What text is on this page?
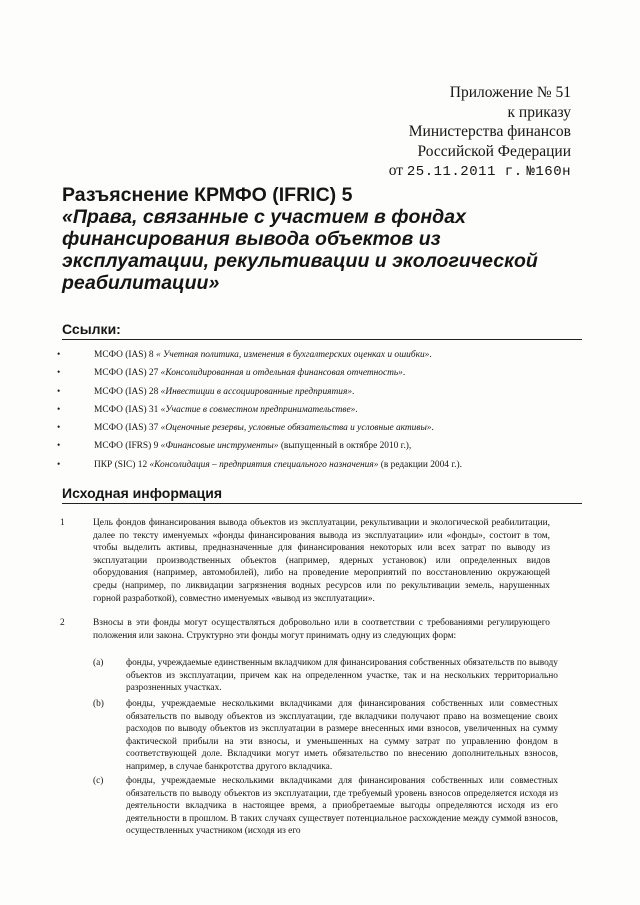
Приложение № 51
к приказу
Министерства финансов
Российской Федерации
от 25.11.2011 г. №160н
Разъяснение КРМФО (IFRIC) 5
«Права, связанные с участием в фондах финансирования вывода объектов из эксплуатации, рекультивации и экологической реабилитации»
Ссылки:
•	МСФО (IAS) 8 « Учетная политика, изменения в бухгалтерских оценках и ошибки».
•	МСФО (IAS) 27 «Консолидированная и отдельная финансовая отчетность».
•	МСФО (IAS) 28 «Инвестиции в ассоциированные предприятия».
•	МСФО (IAS) 31 «Участие в совместном предпринимательстве».
•	МСФО (IAS) 37 «Оценочные резервы, условные обязательства и условные активы».
•	МСФО (IFRS) 9 «Финансовые инструменты» (выпущенный в октябре 2010 г.),
•	ПКР (SIC) 12 «Консолидация – предприятия специального назначения» (в редакции 2004 г.).
Исходная информация
1	Цель фондов финансирования вывода объектов из эксплуатации, рекультивации и экологической реабилитации, далее по тексту именуемых «фонды финансирования вывода из эксплуатации» или «фонды», состоит в том, чтобы выделить активы, предназначенные для финансирования некоторых или всех затрат по выводу из эксплуатации производственных объектов (например, ядерных установок) или определенных видов оборудования (например, автомобилей), либо на проведение мероприятий по восстановлению окружающей среды (например, по ликвидации загрязнения водных ресурсов или по рекультивации земель, нарушенных горной разработкой), совместно именуемых «вывод из эксплуатации».
2	Взносы в эти фонды могут осуществляться добровольно или в соответствии с требованиями регулирующего положения или закона. Структурно эти фонды могут принимать одну из следующих форм:
(a) фонды, учреждаемые единственным вкладчиком для финансирования собственных обязательств по выводу объектов из эксплуатации, причем как на определенном участке, так и на нескольких территориально разрозненных участках.
(b) фонды, учреждаемые несколькими вкладчиками для финансирования собственных или совместных обязательств по выводу объектов из эксплуатации, где вкладчики получают право на возмещение своих расходов по выводу объектов из эксплуатации в размере внесенных ими взносов, увеличенных на сумму фактической прибыли на эти взносы, и уменьшенных на сумму затрат по управлению фондом в соответствующей доле. Вкладчики могут иметь обязательство по внесению дополнительных взносов, например, в случае банкротства другого вкладчика.
(c) фонды, учреждаемые несколькими вкладчиками для финансирования собственных или совместных обязательств по выводу объектов из эксплуатации, где требуемый уровень взносов определяется исходя из деятельности вкладчика в настоящее время, а приобретаемые выгоды определяются исходя из его деятельности в прошлом. В таких случаях существует потенциальное расхождение между суммой взносов, осуществленных участником (исходя из его
